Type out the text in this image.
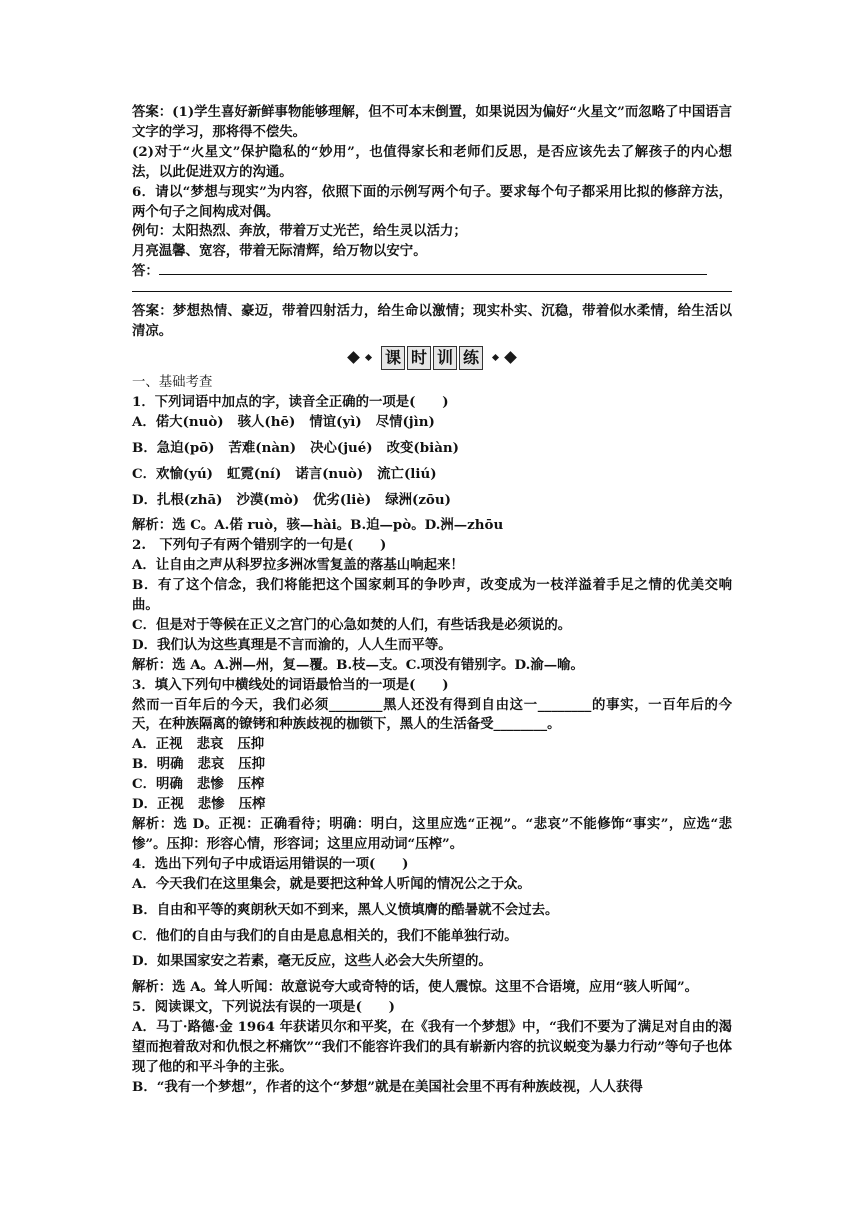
答案：(1)学生喜好新鲜事物能够理解，但不可本末倒置，如果说因为偏好“火星文”而忽略了中国语言文字的学习，那将得不偿失。

(2)对于“火星文”保护隐私的“妙用”，也值得家长和老师们反思，是否应该先去了解孩子的内心想法，以此促进双方的沟通。

6．请以“梦想与现实”为内容，依照下面的示例写两个句子。要求每个句子都采用比拟的修辞方法，两个句子之间构成对偶。

例句：太阳热烈、奔放，带着万丈光芒，给生灵以活力；

月亮温馨、宽容，带着无际清辉，给万物以安宁。

答：

答案：梦想热情、豪迈，带着四射活力，给生命以激情；现实朴实、沉稳，带着似水柔情，给生活以清凉。

课 时 训 练

一、基础考查

1．下列词语中加点的字，读音全正确的一项是(　　)

A．偌大(nuò) 骇人(hē) 情谊(yì) 尽情(jìn)

B．急迫(pō) 苦难(nàn) 决心(jué) 改变(biàn)

C．欢愉(yú) 虹霓(ní) 诺言(nuò) 流亡(liú)

D．扎根(zhā) 沙漠(mò) 优劣(liè) 绿洲(zōu)

解析：选 C。A.偌 ruò，骇—hài。B.迫—pò。D.洲—zhōu

2.　下列句子有两个错别字的一句是(　　)

A．让自由之声从科罗拉多洲冰雪复盖的落基山响起来！

B．有了这个信念，我们将能把这个国家刺耳的争吵声，改变成为一枝洋溢着手足之情的优美交响曲。

C．但是对于等候在正义之宫门的心急如焚的人们，有些话我是必须说的。

D．我们认为这些真理是不言而渝的，人人生而平等。

解析：选 A。A.洲—州，复—覆。B.枝—支。C.项没有错别字。D.渝—喻。

3．填入下列句中横线处的词语最恰当的一项是(　　)

然而一百年后的今天，我们必须________黑人还没有得到自由这一________的事实，一百年后的今天，在种族隔离的镣铐和种族歧视的枷锁下，黑人的生活备受________。

A．正视 悲哀 压抑

B．明确 悲哀 压抑

C．明确 悲惨 压榨

D．正视 悲惨 压榨

解析：选 D。正视：正确看待；明确：明白，这里应选“正视”。“悲哀”不能修饰“事实”，应选“悲惨”。压抑：形容心情，形容词；这里应用动词“压榨”。

4．选出下列句子中成语运用错误的一项(　　)

A．今天我们在这里集会，就是要把这种耸人听闻的情况公之于众。

B．自由和平等的爽朗秋天如不到来，黑人义愤填膺的酷暑就不会过去。

C．他们的自由与我们的自由是息息相关的，我们不能单独行动。

D．如果国家安之若素，毫无反应，这些人必会大失所望的。

解析：选 A。耸人听闻：故意说夸大或奇特的话，使人震惊。这里不合语境，应用“骇人听闻”。

5．阅读课文，下列说法有误的一项是(　　)

A．马丁·路德·金 1964 年获诺贝尔和平奖，在《我有一个梦想》中，“我们不要为了满足对自由的渴望而抱着敌对和仇恨之杯痛饮”“我们不能容许我们的具有崭新内容的抗议蜕变为暴力行动”等句子也体现了他的和平斗争的主张。

B．“我有一个梦想”，作者的这个“梦想”就是在美国社会里不再有种族歧视，人人获得
